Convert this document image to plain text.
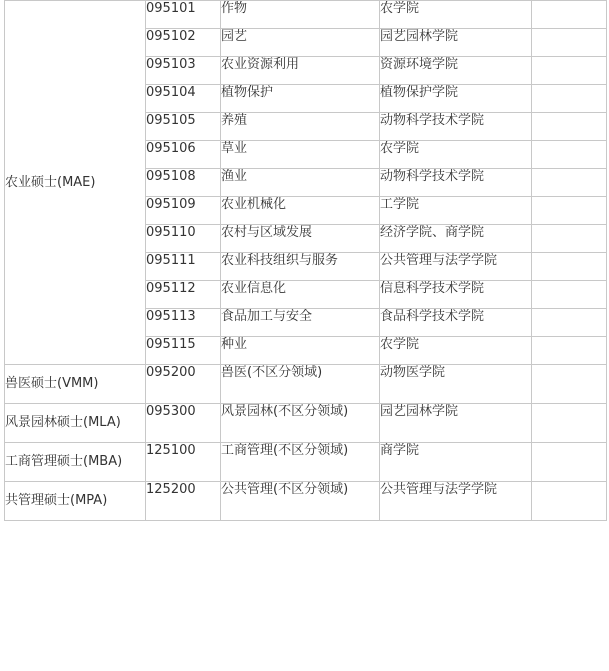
农业硕士(MAE)	095101	作物	农学院	
	095102	园艺	园艺园林学院	
	095103	农业资源利用	资源环境学院	
	095104	植物保护	植物保护学院	
	095105	养殖	动物科学技术学院	
	095106	草业	农学院	
	095108	渔业	动物科学技术学院	
	095109	农业机械化	工学院	
	095110	农村与区域发展	经济学院、商学院	
	095111	农业科技组织与服务	公共管理与法学学院	
	095112	农业信息化	信息科学技术学院	
	095113	食品加工与安全	食品科学技术学院	
	095115	种业	农学院	
兽医硕士(VMM)	095200	兽医(不区分领域)	动物医学院	
风景园林硕士(MLA)	095300	风景园林(不区分领域)	园艺园林学院	
工商管理硕士(MBA)	125100	工商管理(不区分领域)	商学院	
共管理硕士(MPA)	125200	公共管理(不区分领域)	公共管理与法学学院	
